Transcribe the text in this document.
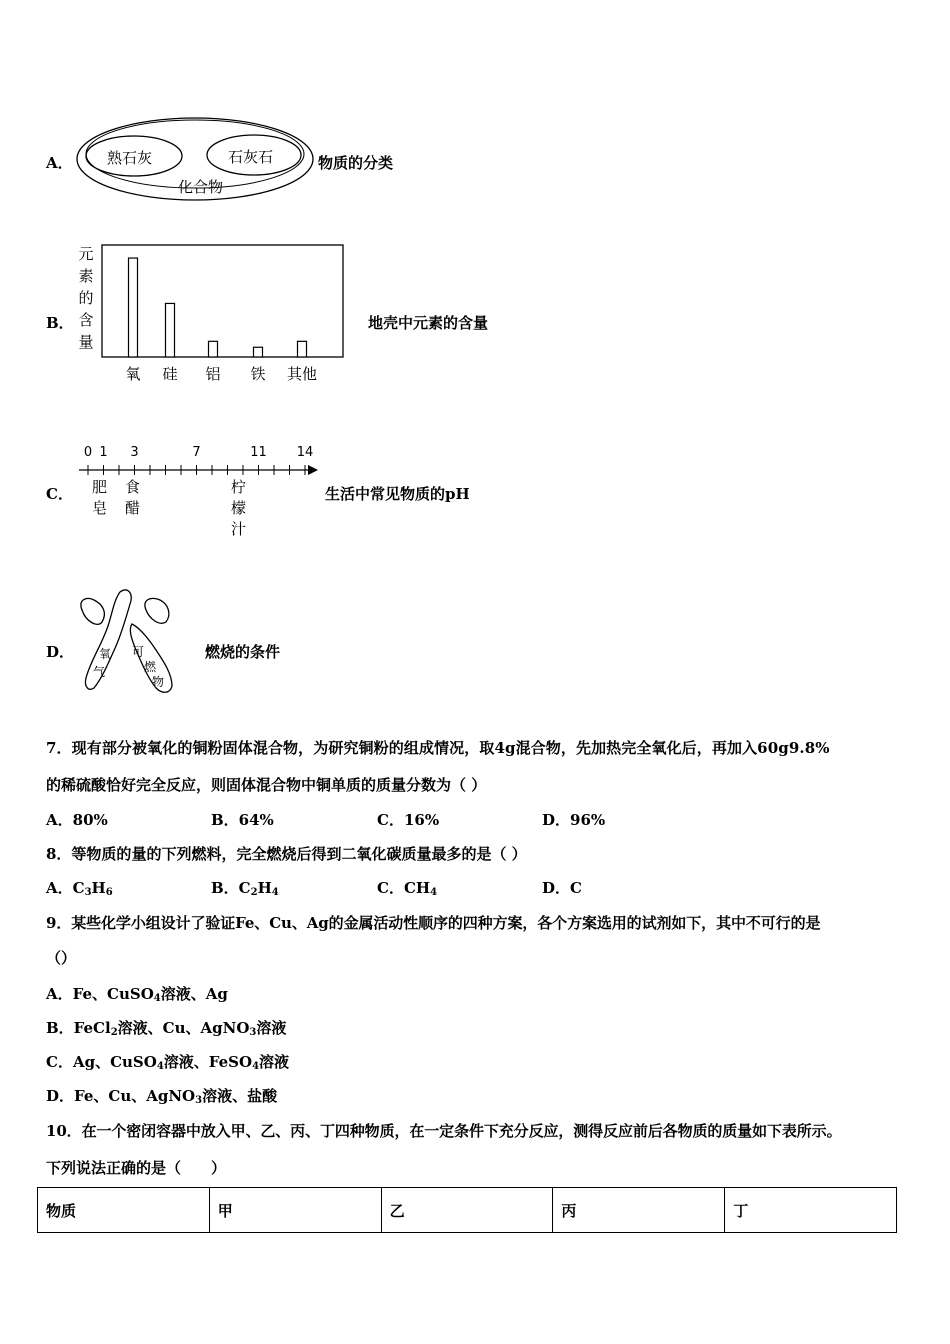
A． 熟石灰	石灰石
化合物
物质的分类
B．
元
素
的
含
量
氧 硅 铝 铁 其他
地壳中元素的含量
C．
0 1 3	7	11 14
肥
皂
食
醋
柠
檬
汁
生活中常见物质的pH
D． 氧
气
可
燃
物
燃烧的条件
7．现有部分被氧化的铜粉固体混合物，为研究铜粉的组成情况，取4g混合物，先加热完全氧化后，再加入60g9.8%
的稀硫酸恰好完全反应，则固体混合物中铜单质的质量分数为（ ）
A．80%	B．64%	C．16%	D．96%
8．等物质的量的下列燃料，完全燃烧后得到二氧化碳质量最多的是（ ）
A．$C_3H_6$	B．$C_2H_4$	C．$CH_4$	D．C
9．某些化学小组设计了验证Fe、Cu、Ag的金属活动性顺序的四种方案，各个方案选用的试剂如下，其中不可行的是
（）
A．Fe、CuSO$_4$溶液、Ag
B．FeCl$_2$溶液、Cu、AgNO$_3$溶液
C．Ag、CuSO$_4$溶液、FeSO$_4$溶液
D．Fe、Cu、AgNO$_3$溶液、盐酸
10．在一个密闭容器中放入甲、乙、丙、丁四种物质，在一定条件下充分反应，测得反应前后各物质的质量如下表所示。
下列说法正确的是（　　）
物质	甲	乙	丙	丁
